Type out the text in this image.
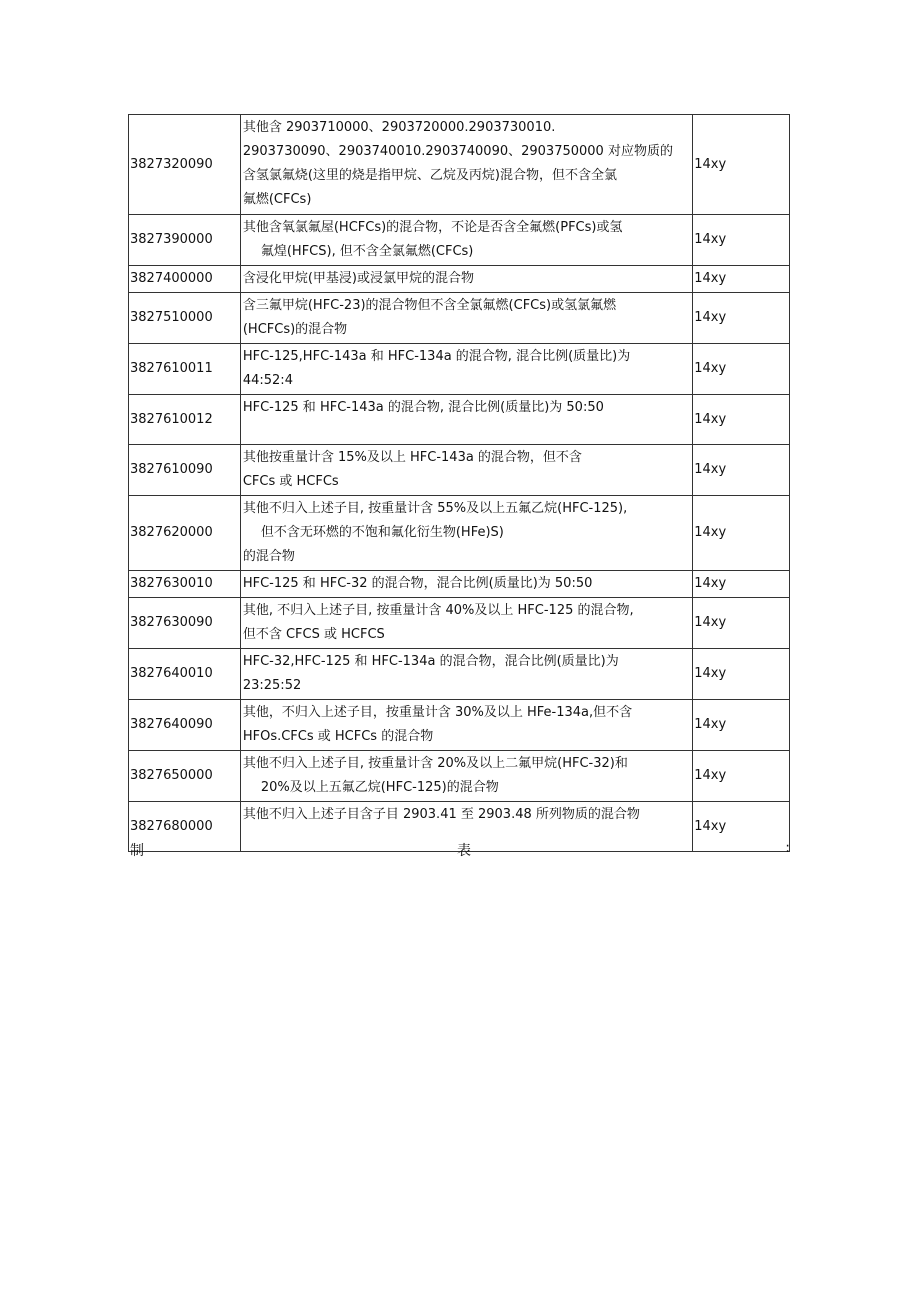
3827320090	其他含 2903710000、2903720000.2903730010.
2903730090、2903740010.2903740090、2903750000 对应物质的
含氢氯氟烧(这里的烧是指甲烷、乙烷及丙烷)混合物，但不含全氯
氟燃(CFCs)	14xy
3827390000	其他含氧氯氟屋(HCFCs)的混合物，不论是否含全氟燃(PFCs)或氢
氟煌(HFCS), 但不含全氯氟燃(CFCs)	14xy
3827400000	含浸化甲烷(甲基浸)或浸氯甲烷的混合物	14xy
3827510000	含三氟甲烷(HFC-23)的混合物但不含全氯氟燃(CFCs)或氢氯氟燃
(HCFCs)的混合物	14xy
3827610011	HFC-125,HFC-143a 和 HFC-134a 的混合物, 混合比例(质量比)为
44:52:4	14xy
3827610012	HFC-125 和 HFC-143a 的混合物, 混合比例(质量比)为 50:50	14xy
3827610090	其他按重量计含 15%及以上 HFC-143a 的混合物，但不含
CFCs 或 HCFCs	14xy
3827620000	其他不归入上述子目, 按重量计含 55%及以上五氟乙烷(HFC-125),
但不含无环燃的不饱和氟化衍生物(HFe)S)
的混合物	14xy
3827630010	HFC-125 和 HFC-32 的混合物，混合比例(质量比)为 50:50	14xy
3827630090	其他, 不归入上述子目, 按重量计含 40%及以上 HFC-125 的混合物,
但不含 CFCS 或 HCFCS	14xy
3827640010	HFC-32,HFC-125 和 HFC-134a 的混合物，混合比例(质量比)为
23:25:52	14xy
3827640090	其他，不归入上述子目，按重量计含 30%及以上 HFe-134a,但不含
HFOs.CFCs 或 HCFCs 的混合物	14xy
3827650000	其他不归入上述子目, 按重量计含 20%及以上二氟甲烷(HFC-32)和
20%及以上五氟乙烷(HFC-125)的混合物	14xy
3827680000	其他不归入上述子目含子目 2903.41 至 2903.48 所列物质的混合物	14xy
制	表	:
